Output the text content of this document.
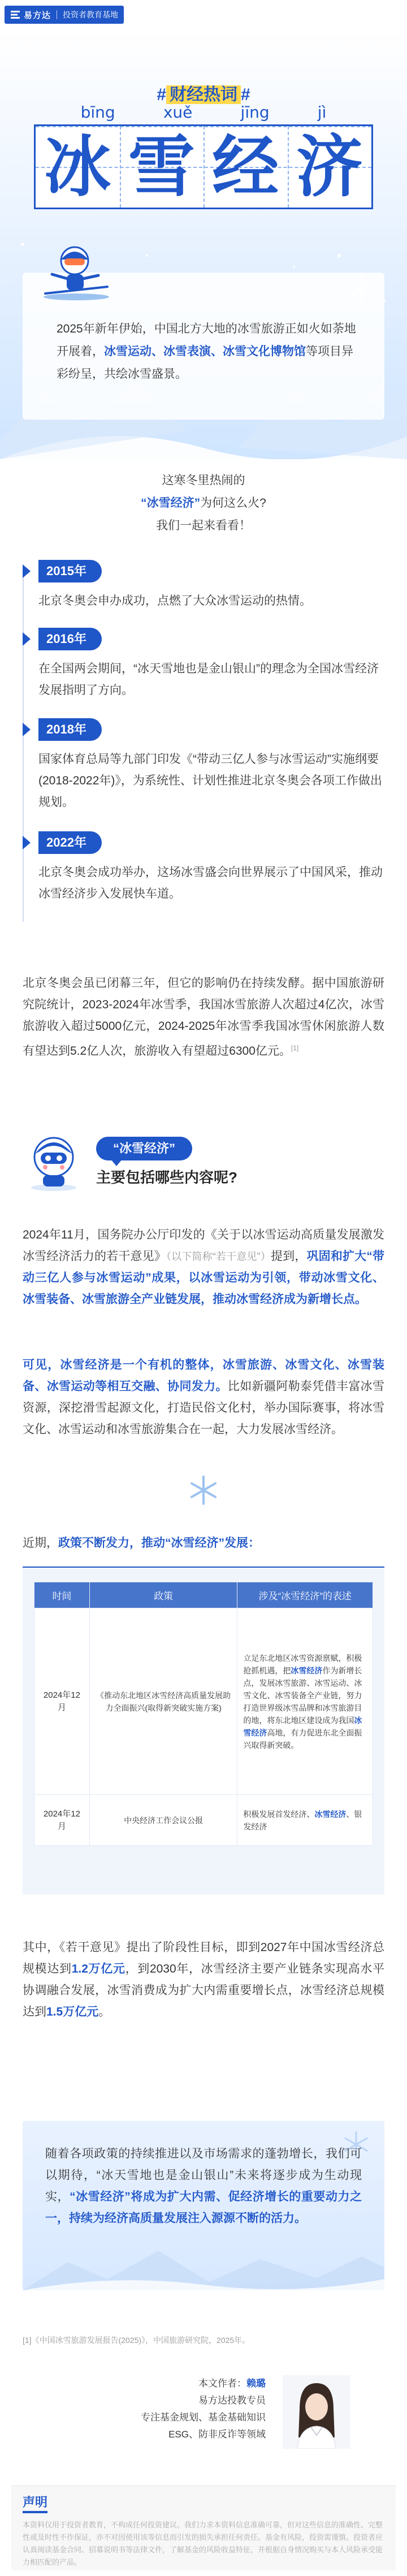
易方达 投资者教育基地
# 财经热词 #
bīng	xuě	jīng	jì
冰 雪 经 济

2025年新年伊始，中国北方大地的冰雪旅游正如火如荼地开展着，冰雪运动、冰雪表演、冰雪文化博物馆等项目异彩纷呈，共绘冰雪盛景。

这寒冬里热闹的
“冰雪经济”为何这么火?
我们一起来看看！
2015年
北京冬奥会申办成功，点燃了大众冰雪运动的热情。
2016年
在全国两会期间，“冰天雪地也是金山银山”的理念为全国冰雪经济发展指明了方向。
2018年
国家体育总局等九部门印发《“带动三亿人参与冰雪运动”实施纲要(2018-2022年)》，为系统性、计划性推进北京冬奥会各项工作做出规划。
2022年
北京冬奥会成功举办，这场冰雪盛会向世界展示了中国风采，推动冰雪经济步入发展快车道。

北京冬奥会虽已闭幕三年，但它的影响仍在持续发酵。据中国旅游研究院统计，2023-2024年冰雪季，我国冰雪旅游人次超过4亿次，冰雪旅游收入超过5000亿元，2024-2025年冰雪季我国冰雪休闲旅游人数有望达到5.2亿人次，旅游收入有望超过6300亿元。[1]

“冰雪经济”
主要包括哪些内容呢?

2024年11月，国务院办公厅印发的《关于以冰雪运动高质量发展激发冰雪经济活力的若干意见》（以下简称“若干意见”）提到，巩固和扩大“带动三亿人参与冰雪运动”成果，以冰雪运动为引领，带动冰雪文化、冰雪装备、冰雪旅游全产业链发展，推动冰雪经济成为新增长点。

可见，冰雪经济是一个有机的整体，冰雪旅游、冰雪文化、冰雪装备、冰雪运动等相互交融、协同发力。比如新疆阿勒泰凭借丰富冰雪资源，深挖滑雪起源文化，打造民俗文化村，举办国际赛事，将冰雪文化、冰雪运动和冰雪旅游集合在一起，大力发展冰雪经济。

近期，政策不断发力，推动“冰雪经济”发展：

时间	政策	涉及“冰雪经济”的表述
2024年12月	《推动东北地区冰雪经济高质量发展助力全面振兴(取得新突破实施方案)	立足东北地区冰雪资源禀赋，积极抢抓机遇，把冰雪经济作为新增长点，发展冰雪旅游、冰雪运动、冰雪文化、冰雪装备全产业链，努力打造世界级冰雪品牌和冰雪旅游目的地，将东北地区建设成为我国冰雪经济高地，有力促进东北全面振兴取得新突破。
2024年12月	中央经济工作会议公报	积极发展首发经济、冰雪经济、银发经济

其中，《若干意见》提出了阶段性目标，即到2027年中国冰雪经济总规模达到1.2万亿元，到2030年，冰雪经济主要产业链条实现高水平协调融合发展，冰雪消费成为扩大内需重要增长点，冰雪经济总规模达到1.5万亿元。

随着各项政策的持续推进以及市场需求的蓬勃增长，我们可以期待，“冰天雪地也是金山银山”未来将逐步成为生动现实，“冰雪经济”将成为扩大内需、促经济增长的重要动力之一，持续为经济高质量发展注入源源不断的活力。

[1]《中国冰雪旅游发展报告(2025)》，中国旅游研究院，2025年。
本文作者：赖璐
易方达投教专员
专注基金规划、基金基础知识
ESG、防非反诈等领域
声明
本资料仅用于投资者教育，不构成任何投资建议。我们力求本资料信息准确可靠，但对这些信息的准确性、完整性或及时性不作保证，亦不对因使用该等信息而引发的损失承担任何责任。基金有风险，投资需谨慎。投资者应认真阅读基金合同、招募说明书等法律文件，了解基金的风险收益特征，并根据自身情况购买与本人风险承受能力相匹配的产品。
